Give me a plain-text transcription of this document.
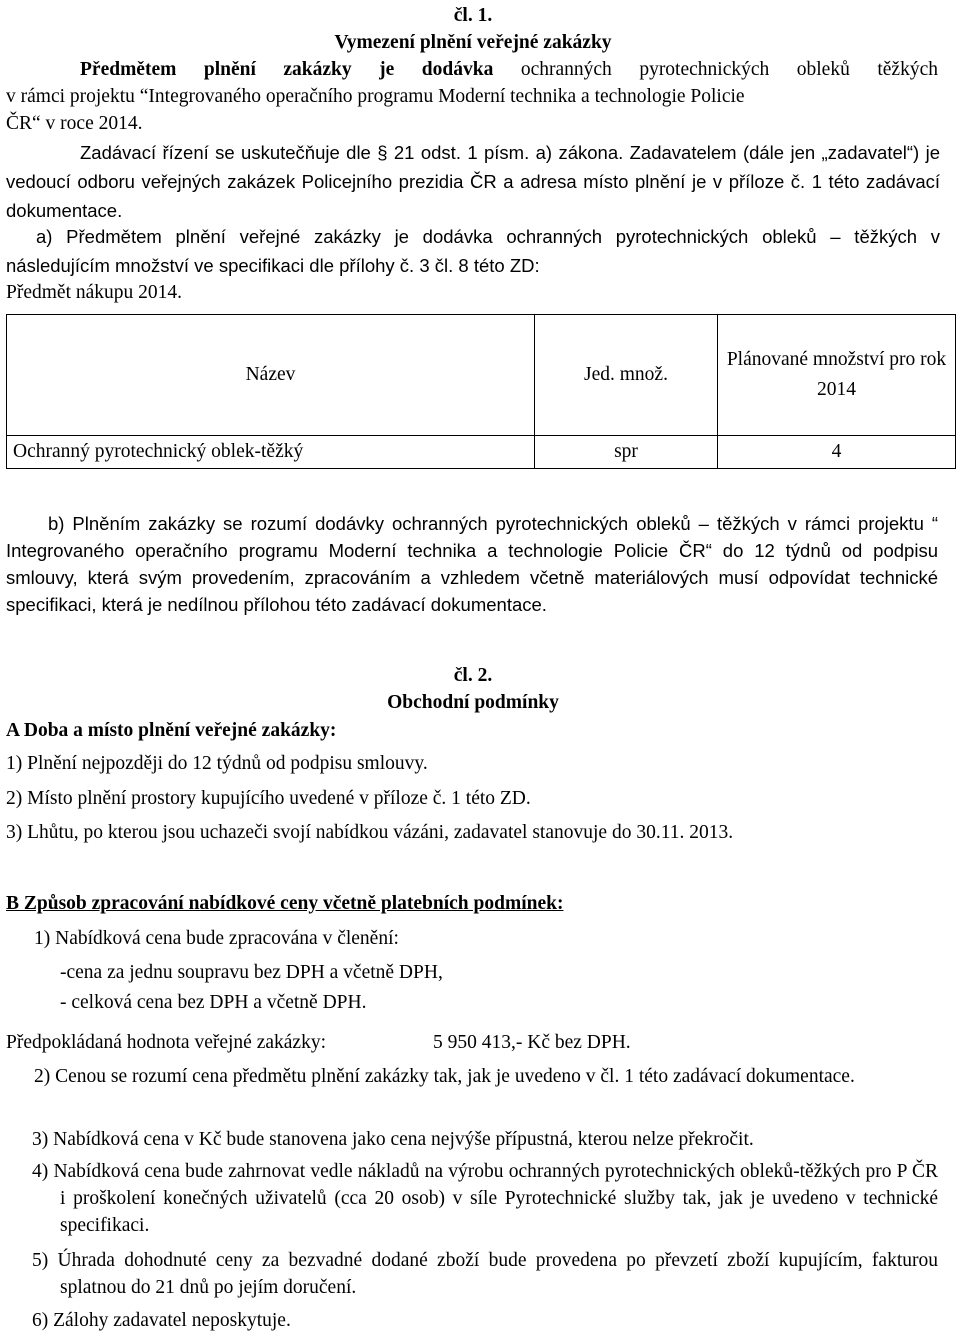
čl. 1.
Vymezení plnění veřejné zakázky
Předmětem plnění zakázky je dodávka ochranných pyrotechnických obleků těžkých
v rámci projektu “Integrovaného operačního programu Moderní technika a technologie Policie
ČR“ v roce 2014.
Zadávací řízení se uskutečňuje dle § 21 odst. 1 písm. a) zákona. Zadavatelem (dále jen „zadavatel“) je vedoucí odboru veřejných zakázek Policejního prezidia ČR a adresa místo plnění je v příloze č. 1 této zadávací dokumentace.
a) Předmětem plnění veřejné zakázky je dodávka ochranných pyrotechnických obleků – těžkých v následujícím množství ve specifikaci dle přílohy č. 3 čl. 8 této ZD:
Předmět nákupu 2014.
Název	Jed. množ.	Plánované množství pro rok 2014
Ochranný pyrotechnický oblek-těžký	spr	4
b) Plněním zakázky se rozumí dodávky ochranných pyrotechnických obleků – těžkých v rámci projektu “ Integrovaného operačního programu Moderní technika a technologie Policie ČR“ do 12 týdnů od podpisu smlouvy, která svým provedením, zpracováním a vzhledem včetně materiálových musí odpovídat technické specifikaci, která je nedílnou přílohou této zadávací dokumentace.
čl. 2.
Obchodní podmínky
A Doba a místo plnění veřejné zakázky:
1) Plnění nejpozději do 12 týdnů od podpisu smlouvy.
2) Místo plnění prostory kupujícího uvedené v příloze č. 1 této ZD.
3) Lhůtu, po kterou jsou uchazeči svojí nabídkou vázáni, zadavatel stanovuje do 30.11. 2013.
B Způsob zpracování nabídkové ceny včetně platebních podmínek:
1) Nabídková cena bude zpracována v členění:
-cena za jednu soupravu bez DPH a včetně DPH,
- celková cena bez DPH a včetně DPH.
Předpokládaná hodnota veřejné zakázky:	5 950 413,- Kč bez DPH.
2) Cenou se rozumí cena předmětu plnění zakázky tak, jak je uvedeno v čl. 1 této zadávací dokumentace.
3) Nabídková cena v Kč bude stanovena jako cena nejvýše přípustná, kterou nelze překročit.
4) Nabídková cena bude zahrnovat vedle nákladů na výrobu ochranných pyrotechnických obleků-těžkých pro P ČR i proškolení konečných uživatelů (cca 20 osob) v síle Pyrotechnické služby tak, jak je uvedeno v technické specifikaci.
5) Úhrada dohodnuté ceny za bezvadné dodané zboží bude provedena po převzetí zboží kupujícím, fakturou splatnou do 21 dnů po jejím doručení.
6) Zálohy zadavatel neposkytuje.
